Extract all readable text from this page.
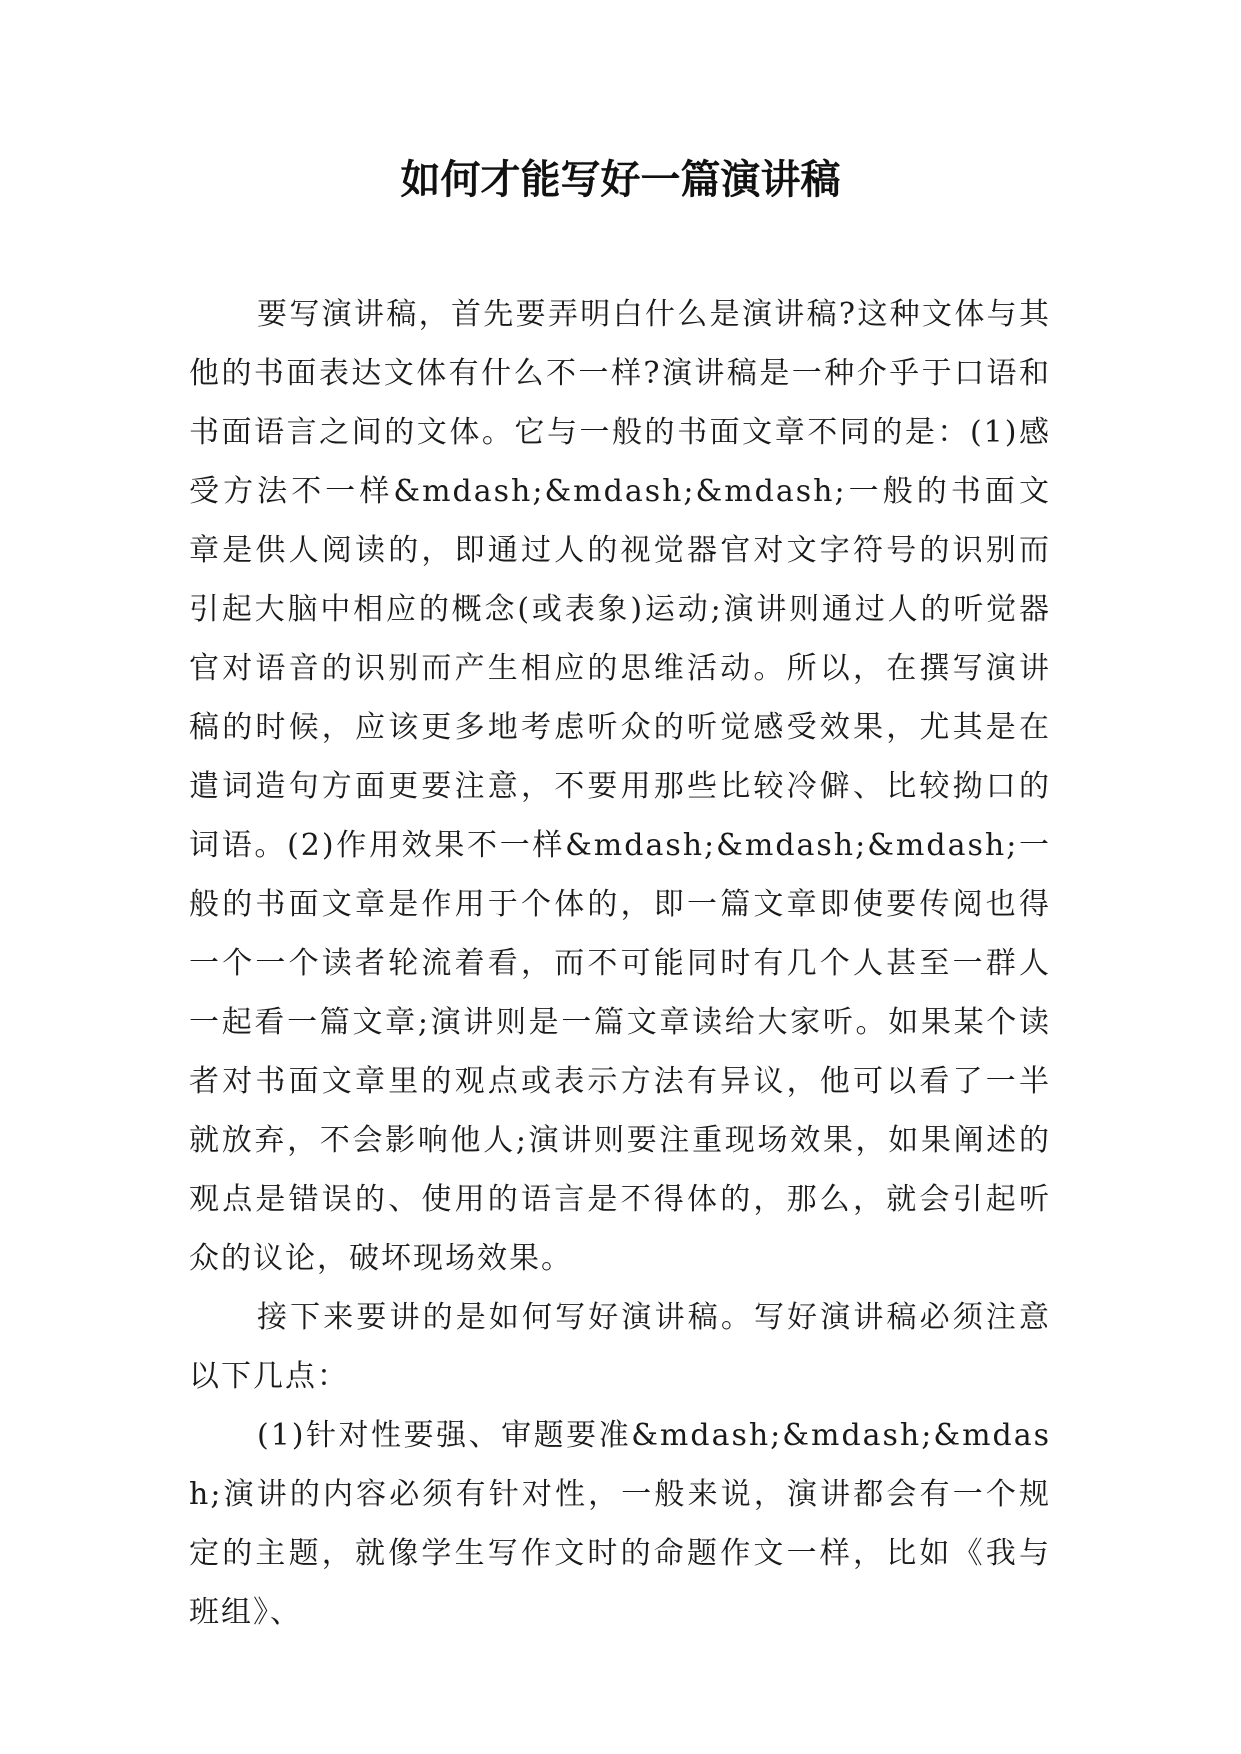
如何才能写好一篇演讲稿

要写演讲稿，首先要弄明白什么是演讲稿?这种文体与其他的书面表达文体有什么不一样?演讲稿是一种介乎于口语和书面语言之间的文体。它与一般的书面文章不同的是：(1)感受方法不一样&mdash;&mdash;&mdash;一般的书面文章是供人阅读的，即通过人的视觉器官对文字符号的识别而引起大脑中相应的概念(或表象)运动;演讲则通过人的听觉器官对语音的识别而产生相应的思维活动。所以，在撰写演讲稿的时候，应该更多地考虑听众的听觉感受效果，尤其是在遣词造句方面更要注意，不要用那些比较冷僻、比较拗口的词语。(2)作用效果不一样&mdash;&mdash;&mdash;一般的书面文章是作用于个体的，即一篇文章即使要传阅也得一个一个读者轮流着看，而不可能同时有几个人甚至一群人一起看一篇文章;演讲则是一篇文章读给大家听。如果某个读者对书面文章里的观点或表示方法有异议，他可以看了一半就放弃，不会影响他人;演讲则要注重现场效果，如果阐述的观点是错误的、使用的语言是不得体的，那么，就会引起听众的议论，破坏现场效果。

接下来要讲的是如何写好演讲稿。写好演讲稿必须注意以下几点：

(1)针对性要强、审题要准&mdash;&mdash;&mdash;演讲的内容必须有针对性，一般来说，演讲都会有一个规定的主题，就像学生写作文时的命题作文一样，比如《我与班组》、
